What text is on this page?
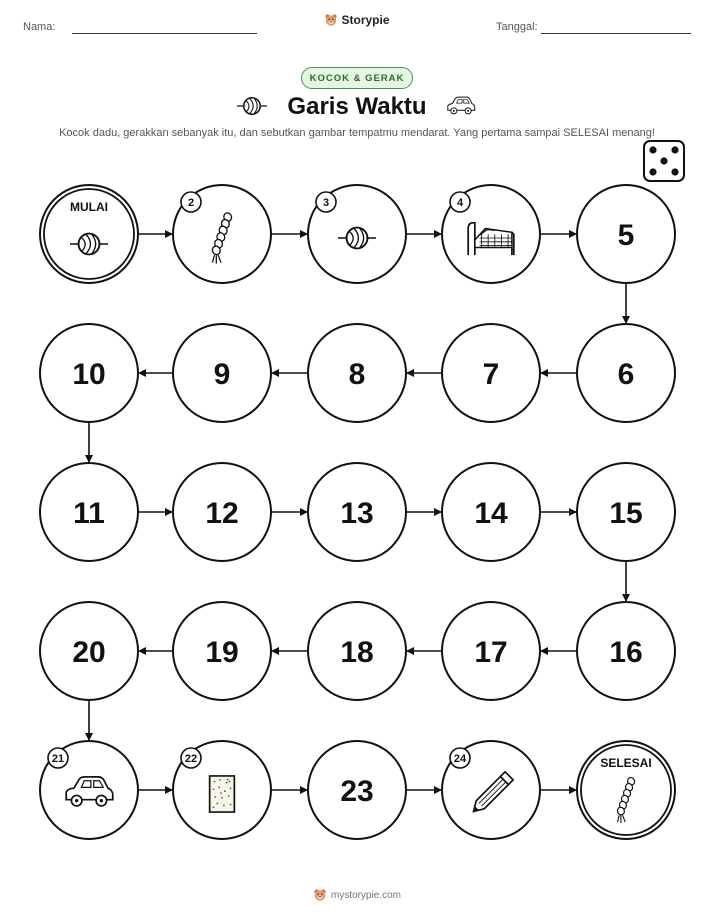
Nama:	Storypie	Tanggal:
KOCOK & GERAK
Garis Waktu
Kocok dadu, gerakkan sebanyak itu, dan sebutkan gambar tempatmu mendarat. Yang pertama sampai SELESAI menang!
MULAI	2	3	4
5
6
7
8
9
10
11	12	13	14	15
16
17
18
19
20
21	22
23
24	SELESAI
mystorypie.com
